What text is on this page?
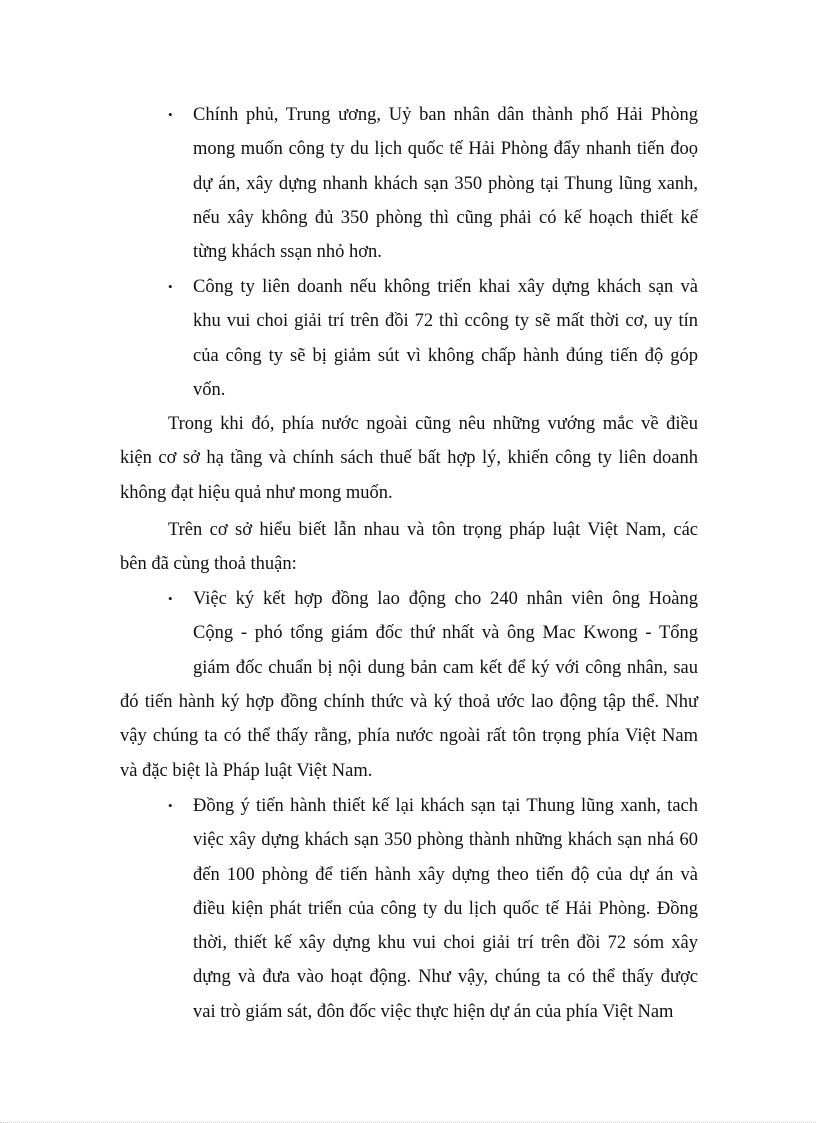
• Chính phủ, Trung ương, Uỷ ban nhân dân thành phố Hải Phòng
mong muốn công ty du lịch quốc tế Hải Phòng đẩy nhanh tiến đoọ
dự án, xây dựng nhanh khách sạn 350 phòng tại Thung lũng xanh,
nếu xây không đủ 350 phòng thì cũng phải có kế hoạch thiết kế
từng khách ssạn nhỏ hơn.
• Công ty liên doanh nếu không triển khai xây dựng khách sạn và
khu vui choi giải trí trên đồi 72 thì ccông ty sẽ mất thời cơ, uy tín
của công ty sẽ bị giảm sút vì không chấp hành đúng tiến độ góp
vốn.
Trong khi đó, phía nước ngoài cũng nêu những vướng mắc về điều
kiện cơ sở hạ tầng và chính sách thuế bất hợp lý, khiến công ty liên doanh
không đạt hiệu quả như mong muốn.
Trên cơ sở hiểu biết lẫn nhau và tôn trọng pháp luật Việt Nam, các
bên đã cùng thoả thuận:
• Việc ký kết hợp đồng lao động cho 240 nhân viên ông Hoàng
Cộng - phó tổng giám đốc thứ nhất và ông Mac Kwong - Tổng
giám đốc chuẩn bị nội dung bản cam kết để ký với công nhân, sau
đó tiến hành ký hợp đồng chính thức và ký thoả ước lao động tập thể. Như
vậy chúng ta có thể thấy rằng, phía nước ngoài rất tôn trọng phía Việt Nam
và đặc biệt là Pháp luật Việt Nam.
• Đồng ý tiến hành thiết kế lại khách sạn tại Thung lũng xanh, tach
việc xây dựng khách sạn 350 phòng thành những khách sạn nhá 60
đến 100 phòng để tiến hành xây dựng theo tiến độ của dự án và
điều kiện phát triển của công ty du lịch quốc tế Hải Phòng. Đồng
thời, thiết kế xây dựng khu vui choi giải trí trên đồi 72 sóm xây
dựng và đưa vào hoạt động. Như vậy, chúng ta có thể thấy được
vai trò giám sát, đôn đốc việc thực hiện dự án của phía Việt Nam
